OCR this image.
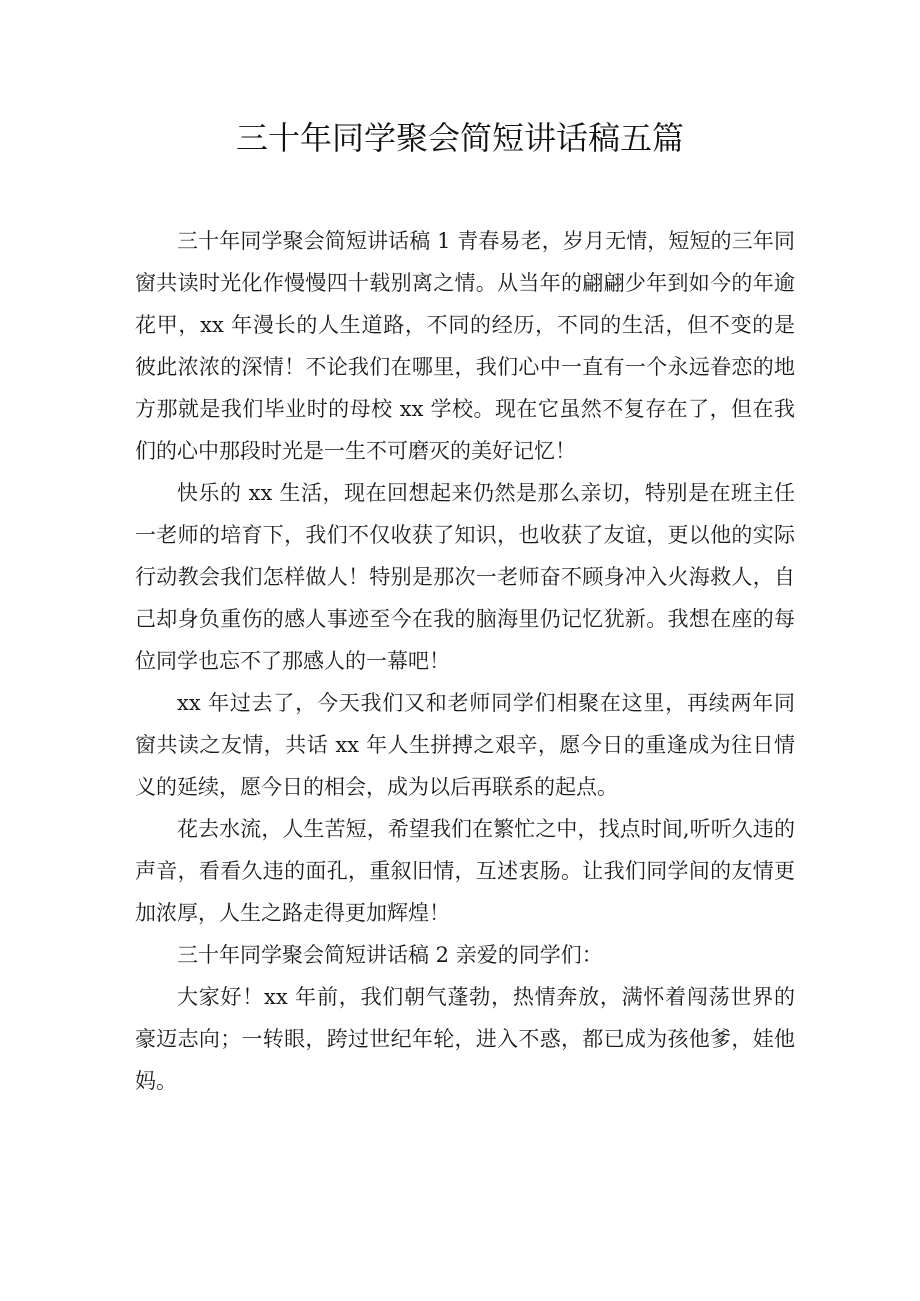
三十年同学聚会简短讲话稿五篇

三十年同学聚会简短讲话稿 1 青春易老，岁月无情，短短的三年同窗共读时光化作慢慢四十载别离之情。从当年的翩翩少年到如今的年逾花甲，xx 年漫长的人生道路，不同的经历，不同的生活，但不变的是彼此浓浓的深情！不论我们在哪里，我们心中一直有一个永远眷恋的地方那就是我们毕业时的母校 xx 学校。现在它虽然不复存在了，但在我们的心中那段时光是一生不可磨灭的美好记忆！

快乐的 xx 生活，现在回想起来仍然是那么亲切，特别是在班主任一老师的培育下，我们不仅收获了知识，也收获了友谊，更以他的实际行动教会我们怎样做人！特别是那次一老师奋不顾身冲入火海救人，自己却身负重伤的感人事迹至今在我的脑海里仍记忆犹新。我想在座的每位同学也忘不了那感人的一幕吧！

xx 年过去了，今天我们又和老师同学们相聚在这里，再续两年同窗共读之友情，共话 xx 年人生拼搏之艰辛，愿今日的重逢成为往日情义的延续，愿今日的相会，成为以后再联系的起点。

花去水流，人生苦短，希望我们在繁忙之中，找点时间,听听久违的声音，看看久违的面孔，重叙旧情，互述衷肠。让我们同学间的友情更加浓厚，人生之路走得更加辉煌！

三十年同学聚会简短讲话稿 2 亲爱的同学们：

大家好！xx 年前，我们朝气蓬勃，热情奔放，满怀着闯荡世界的豪迈志向；一转眼，跨过世纪年轮，进入不惑，都已成为孩他爹，娃他妈。
